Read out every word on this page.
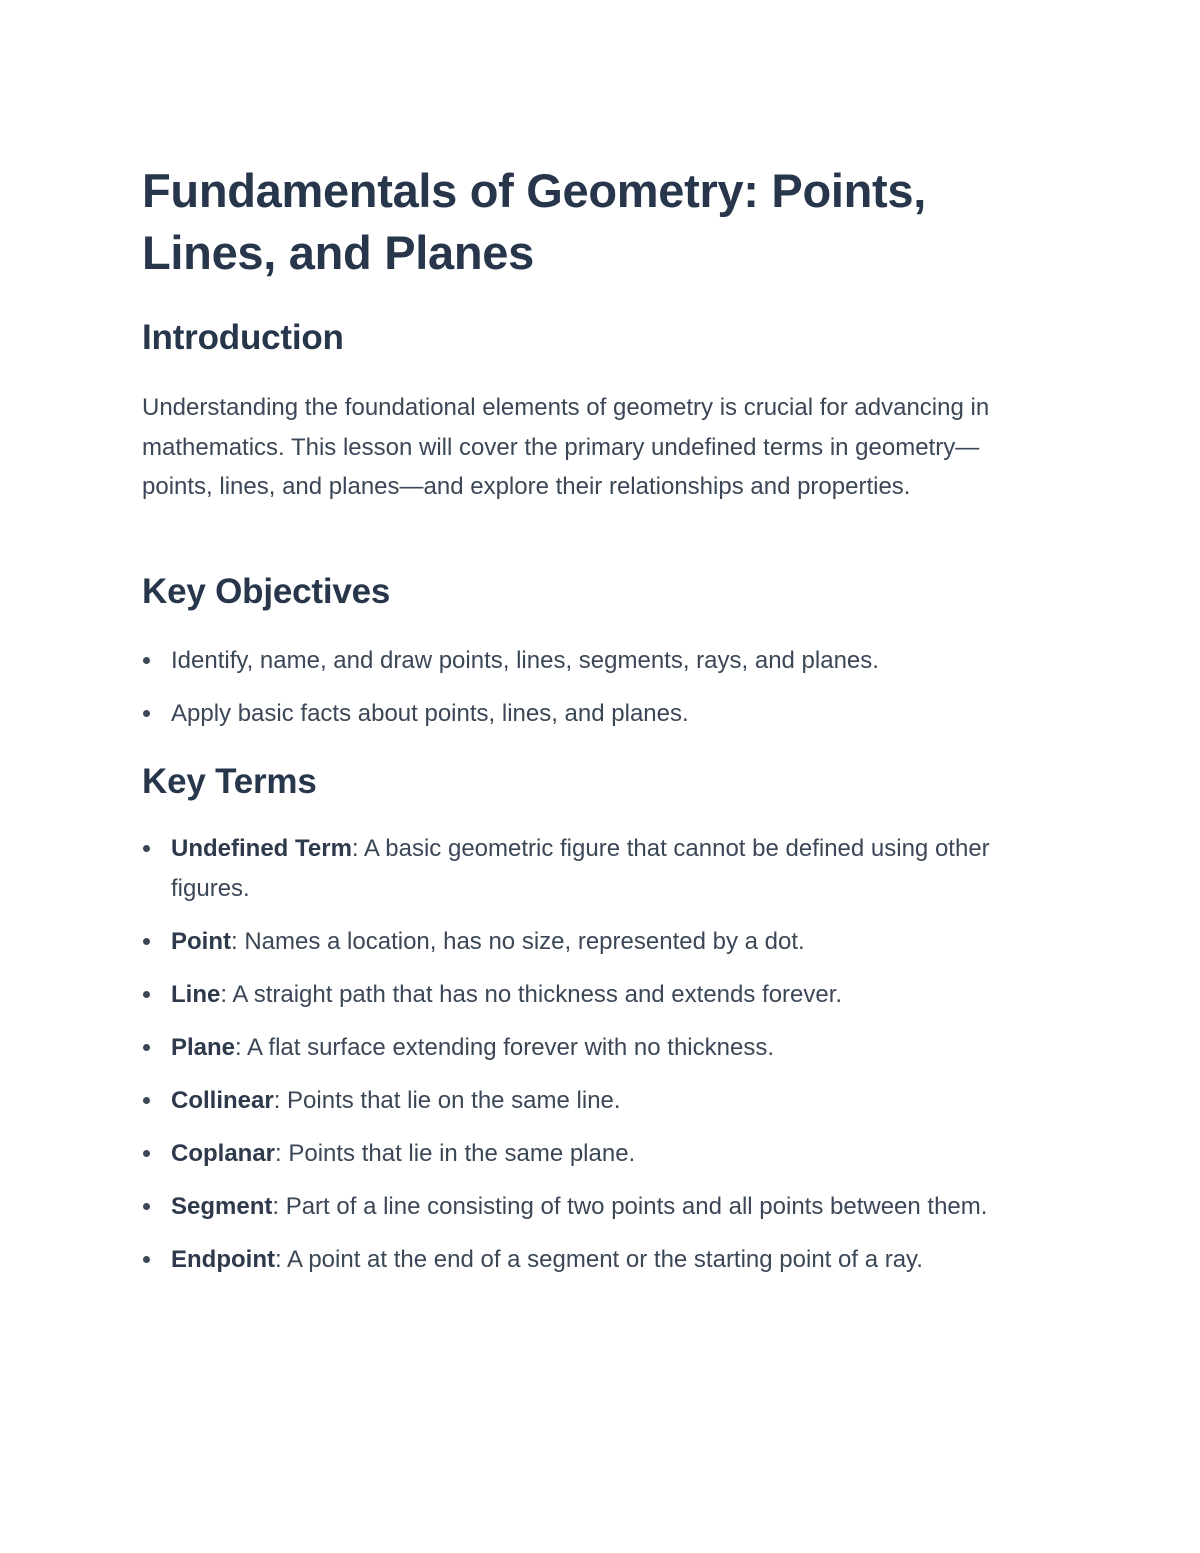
Fundamentals of Geometry: Points, Lines, and Planes
Introduction

Understanding the foundational elements of geometry is crucial for advancing in mathematics. This lesson will cover the primary undefined terms in geometry—points, lines, and planes—and explore their relationships and properties.

Key Objectives
Identify, name, and draw points, lines, segments, rays, and planes.
Apply basic facts about points, lines, and planes.
Key Terms
Undefined Term: A basic geometric figure that cannot be defined using other figures.
Point: Names a location, has no size, represented by a dot.
Line: A straight path that has no thickness and extends forever.
Plane: A flat surface extending forever with no thickness.
Collinear: Points that lie on the same line.
Coplanar: Points that lie in the same plane.
Segment: Part of a line consisting of two points and all points between them.
Endpoint: A point at the end of a segment or the starting point of a ray.
